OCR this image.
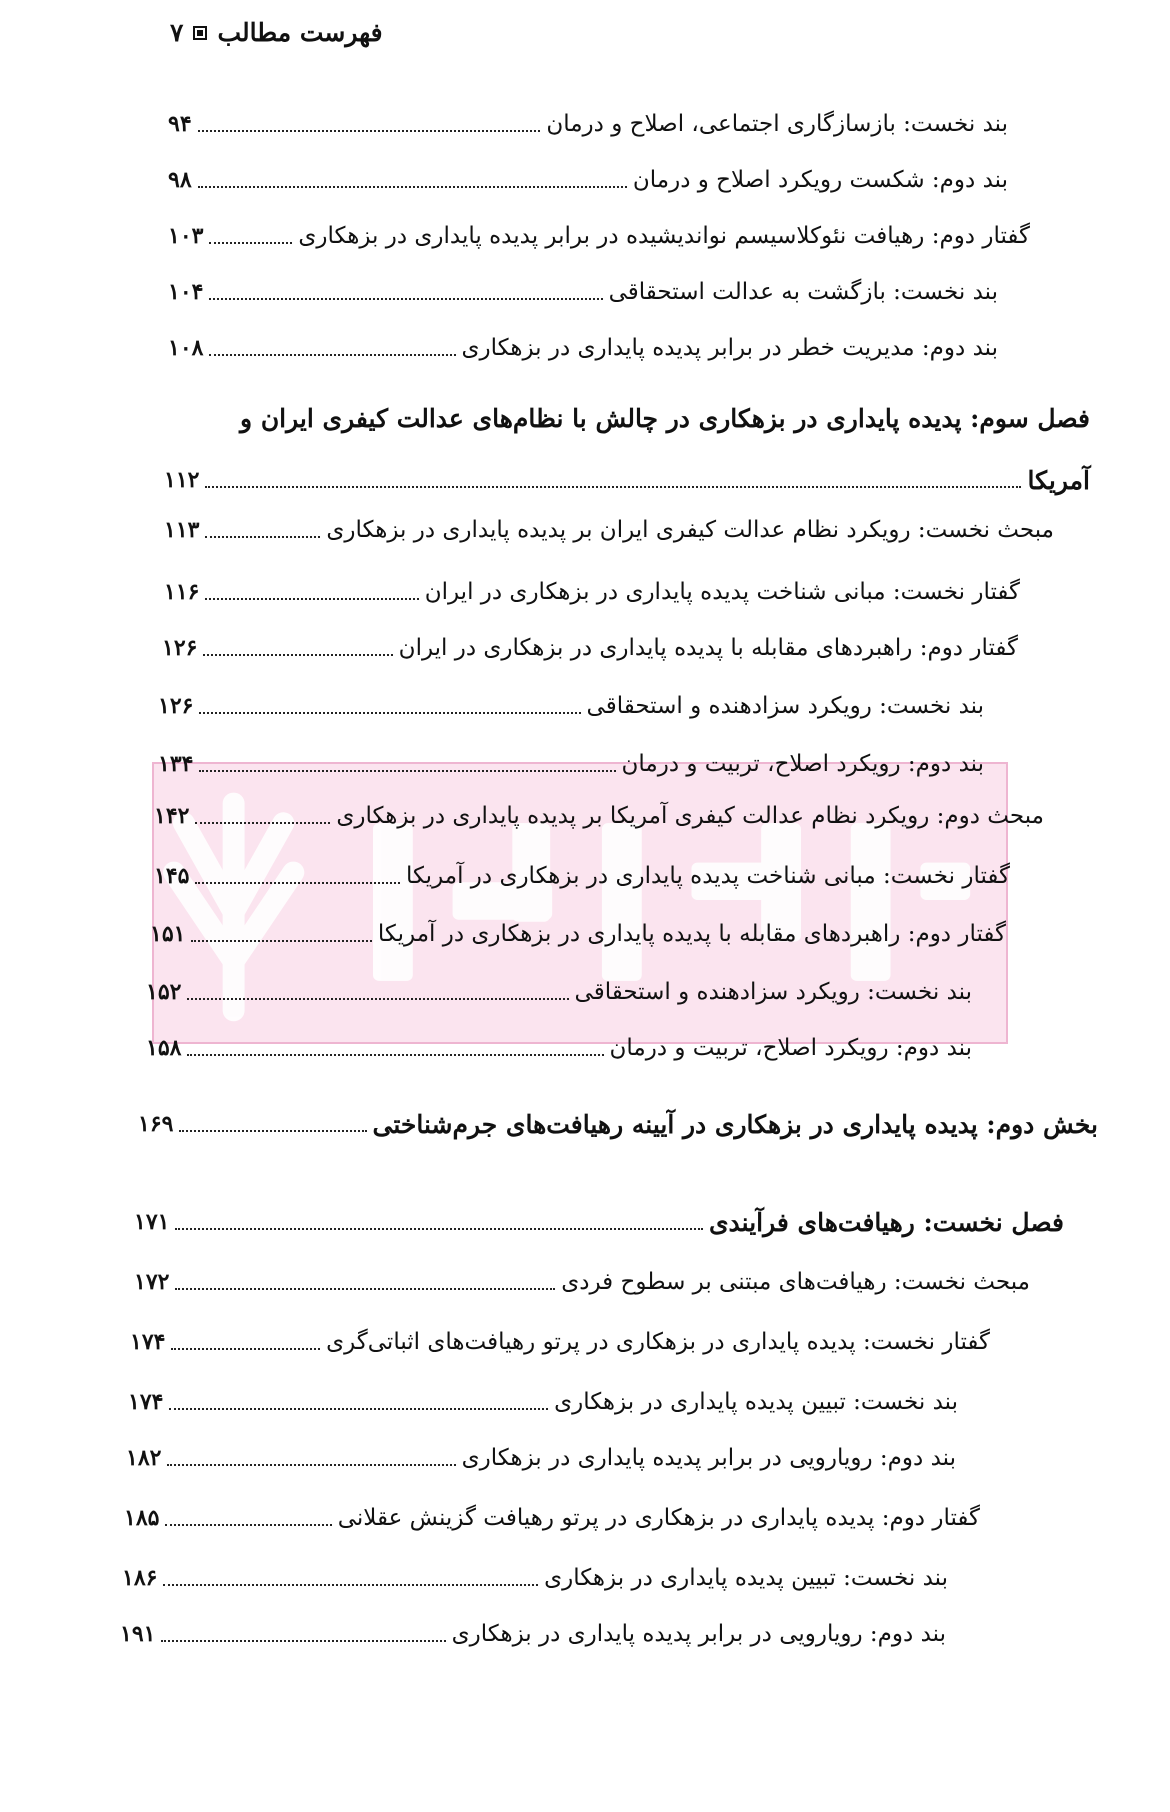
فهرست مطالب
۷
بند نخست: بازسازگاری اجتماعی، اصلاح و درمان
۹۴
بند دوم: شکست رویکرد اصلاح و درمان
۹۸
گفتار دوم: رهیافت نئوکلاسیسم نواندیشیده در برابر پدیده پایداری در بزهکاری
۱۰۳
بند نخست: بازگشت به عدالت استحقاقی
۱۰۴
بند دوم: مدیریت خطر در برابر پدیده پایداری در بزهکاری
۱۰۸
فصل سوم: پدیده پایداری در بزهکاری در چالش با نظام‌های عدالت کیفری ایران و
آمریکا
۱۱۲
مبحث نخست: رویکرد نظام عدالت کیفری ایران بر پدیده پایداری در بزهکاری
۱۱۳
گفتار نخست: مبانی شناخت پدیده پایداری در بزهکاری در ایران
۱۱۶
گفتار دوم: راهبردهای مقابله با پدیده پایداری در بزهکاری در ایران
۱۲۶
بند نخست: رویکرد سزادهنده و استحقاقی
۱۲۶
بند دوم: رویکرد اصلاح، تربیت و درمان
۱۳۴
مبحث دوم: رویکرد نظام عدالت کیفری آمریکا بر پدیده پایداری در بزهکاری
۱۴۲
گفتار نخست: مبانی شناخت پدیده پایداری در بزهکاری در آمریکا
۱۴۵
گفتار دوم: راهبردهای مقابله با پدیده پایداری در بزهکاری در آمریکا
۱۵۱
بند نخست: رویکرد سزادهنده و استحقاقی
۱۵۲
بند دوم: رویکرد اصلاح، تربیت و درمان
۱۵۸
بخش دوم: پدیده پایداری در بزهکاری در آیینه رهیافت‌های جرم‌شناختی
۱۶۹
فصل نخست: رهیافت‌های فرآیندی
۱۷۱
مبحث نخست: رهیافت‌های مبتنی بر سطوح فردی
۱۷۲
گفتار نخست: پدیده پایداری در بزهکاری در پرتو رهیافت‌های اثباتی‌گری
۱۷۴
بند نخست: تبیین پدیده پایداری در بزهکاری
۱۷۴
بند دوم: رویارویی در برابر پدیده پایداری در بزهکاری
۱۸۲
گفتار دوم: پدیده پایداری در بزهکاری در پرتو رهیافت گزینش عقلانی
۱۸۵
بند نخست: تبیین پدیده پایداری در بزهکاری
۱۸۶
بند دوم: رویارویی در برابر پدیده پایداری در بزهکاری
۱۹۱
